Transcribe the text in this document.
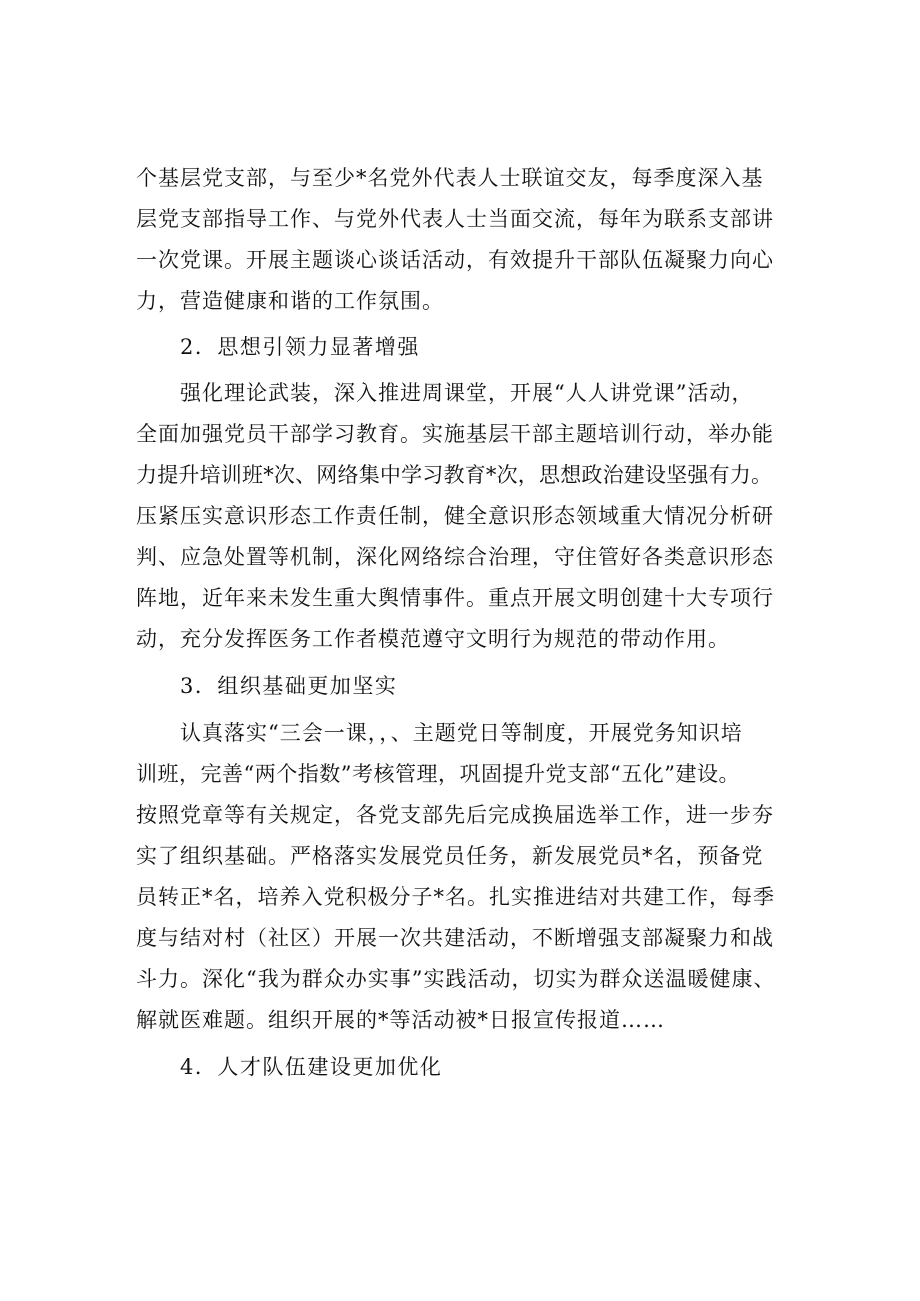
个基层党支部，与至少*名党外代表人士联谊交友，每季度深入基
层党支部指导工作、与党外代表人士当面交流，每年为联系支部讲
一次党课。开展主题谈心谈话活动，有效提升干部队伍凝聚力向心
力，营造健康和谐的工作氛围。
2．思想引领力显著增强
强化理论武装，深入推进周课堂，开展“人人讲党课”活动，
全面加强党员干部学习教育。实施基层干部主题培训行动，举办能
力提升培训班*次、网络集中学习教育*次，思想政治建设坚强有力。
压紧压实意识形态工作责任制，健全意识形态领域重大情况分析研
判、应急处置等机制，深化网络综合治理，守住管好各类意识形态
阵地，近年来未发生重大舆情事件。重点开展文明创建十大专项行
动，充分发挥医务工作者模范遵守文明行为规范的带动作用。
3．组织基础更加坚实
认真落实“三会一课，，、主题党日等制度，开展党务知识培
训班，完善“两个指数”考核管理，巩固提升党支部“五化”建设。
按照党章等有关规定，各党支部先后完成换届选举工作，进一步夯
实了组织基础。严格落实发展党员任务，新发展党员*名，预备党
员转正*名，培养入党积极分子*名。扎实推进结对共建工作，每季
度与结对村（社区）开展一次共建活动，不断增强支部凝聚力和战
斗力。深化“我为群众办实事”实践活动，切实为群众送温暖健康、
解就医难题。组织开展的*等活动被*日报宣传报道……
4．人才队伍建设更加优化
